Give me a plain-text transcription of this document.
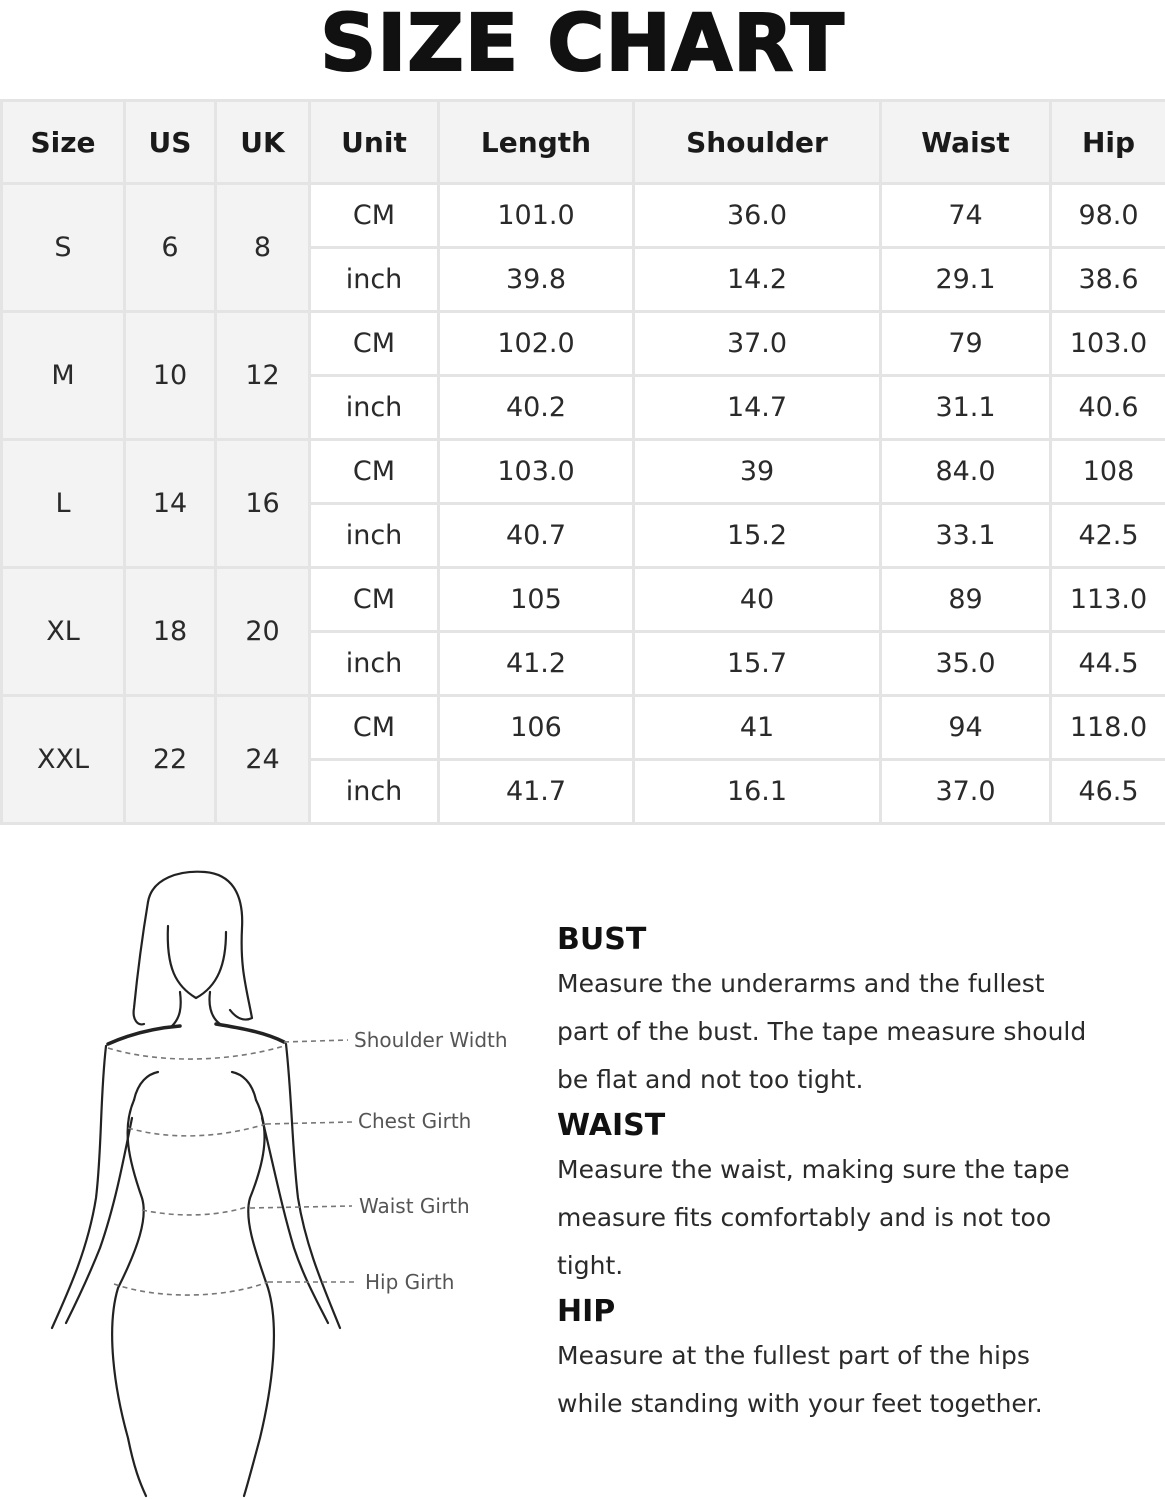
SIZE CHART
Size	US	UK	Unit	Length	Shoulder	Waist	Hip
S	6	8	CM	101.0	36.0	74	98.0
			inch	39.8	14.2	29.1	38.6
M	10	12	CM	102.0	37.0	79	103.0
			inch	40.2	14.7	31.1	40.6
L	14	16	CM	103.0	39	84.0	108
			inch	40.7	15.2	33.1	42.5
XL	18	20	CM	105	40	89	113.0
			inch	41.2	15.7	35.0	44.5
XXL	22	24	CM	106	41	94	118.0
			inch	41.7	16.1	37.0	46.5
Shoulder Width
Chest Girth
Waist Girth
Hip Girth
BUST

Measure the underarms and the fullest
part of the bust. The tape measure should
be flat and not too tight.

WAIST

Measure the waist, making sure the tape
measure fits comfortably and is not too
tight.

HIP

Measure at the fullest part of the hips
while standing with your feet together.
